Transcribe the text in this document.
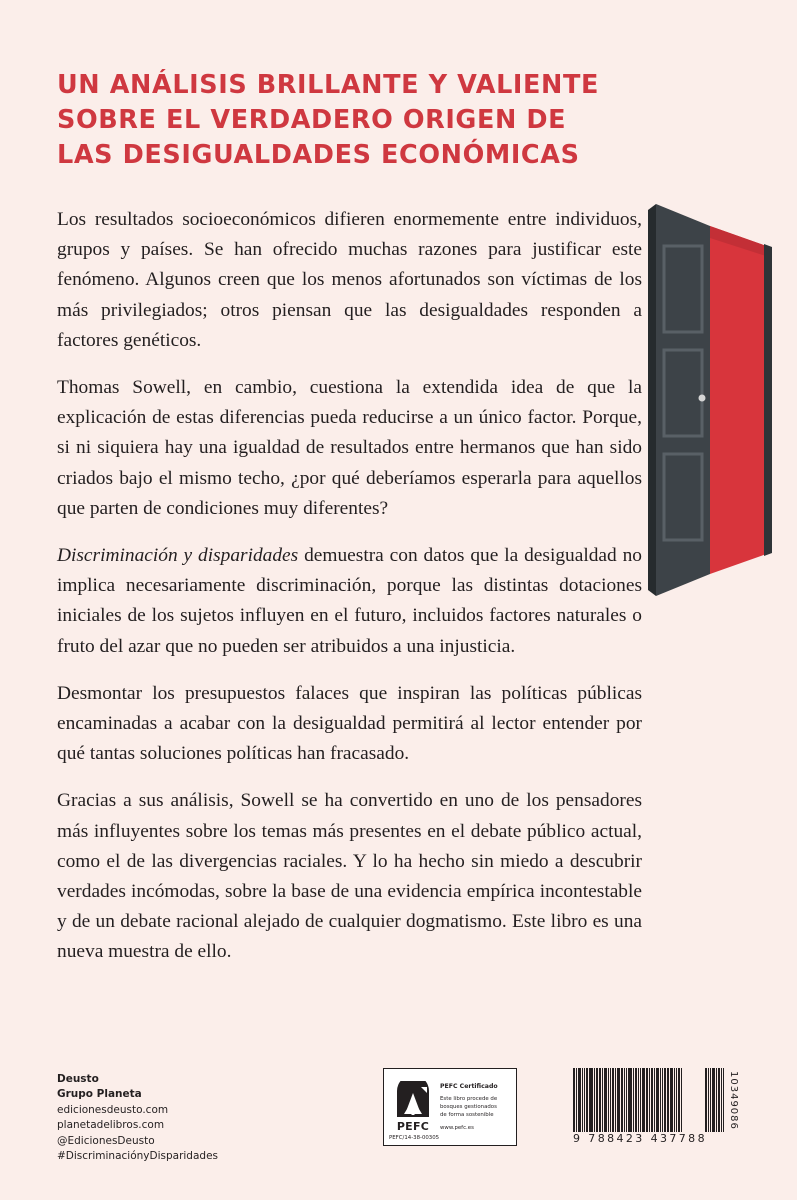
UN ANÁLISIS BRILLANTE Y VALIENTE
SOBRE EL VERDADERO ORIGEN DE
LAS DESIGUALDADES ECONÓMICAS

Los resultados socioeconómicos difieren enormemente entre individuos, grupos y países. Se han ofrecido muchas razones para justificar este fenómeno. Algunos creen que los menos afortunados son víctimas de los más privilegiados; otros piensan que las desigualdades responden a factores genéticos.

Thomas Sowell, en cambio, cuestiona la extendida idea de que la explicación de estas diferencias pueda reducirse a un único factor. Porque, si ni siquiera hay una igualdad de resultados entre hermanos que han sido criados bajo el mismo techo, ¿por qué deberíamos esperarla para aquellos que parten de condiciones muy diferentes?

Discriminación y disparidades demuestra con datos que la desigualdad no implica necesariamente discriminación, porque las distintas dotaciones iniciales de los sujetos influyen en el futuro, incluidos factores naturales o fruto del azar que no pueden ser atribuidos a una injusticia.

Desmontar los presupuestos falaces que inspiran las políticas públicas encaminadas a acabar con la desigualdad permitirá al lector entender por qué tantas soluciones políticas han fracasado.

Gracias a sus análisis, Sowell se ha convertido en uno de los pensadores más influyentes sobre los temas más presentes en el debate público actual, como el de las divergencias raciales. Y lo ha hecho sin miedo a descubrir verdades incómodas, sobre la base de una evidencia empírica incontestable y de un debate racional alejado de cualquier dogmatismo. Este libro es una nueva muestra de ello.

Deusto
Grupo Planeta
edicionesdeusto.com
planetadelibros.com
@EdicionesDeusto
#DiscriminaciónyDisparidades
PEFC
PEFC Certificado
Este libro procede de
bosques gestionados
de forma sostenible
www.pefc.es
PEFC/14-38-00305	9 788423 437788
10349086
